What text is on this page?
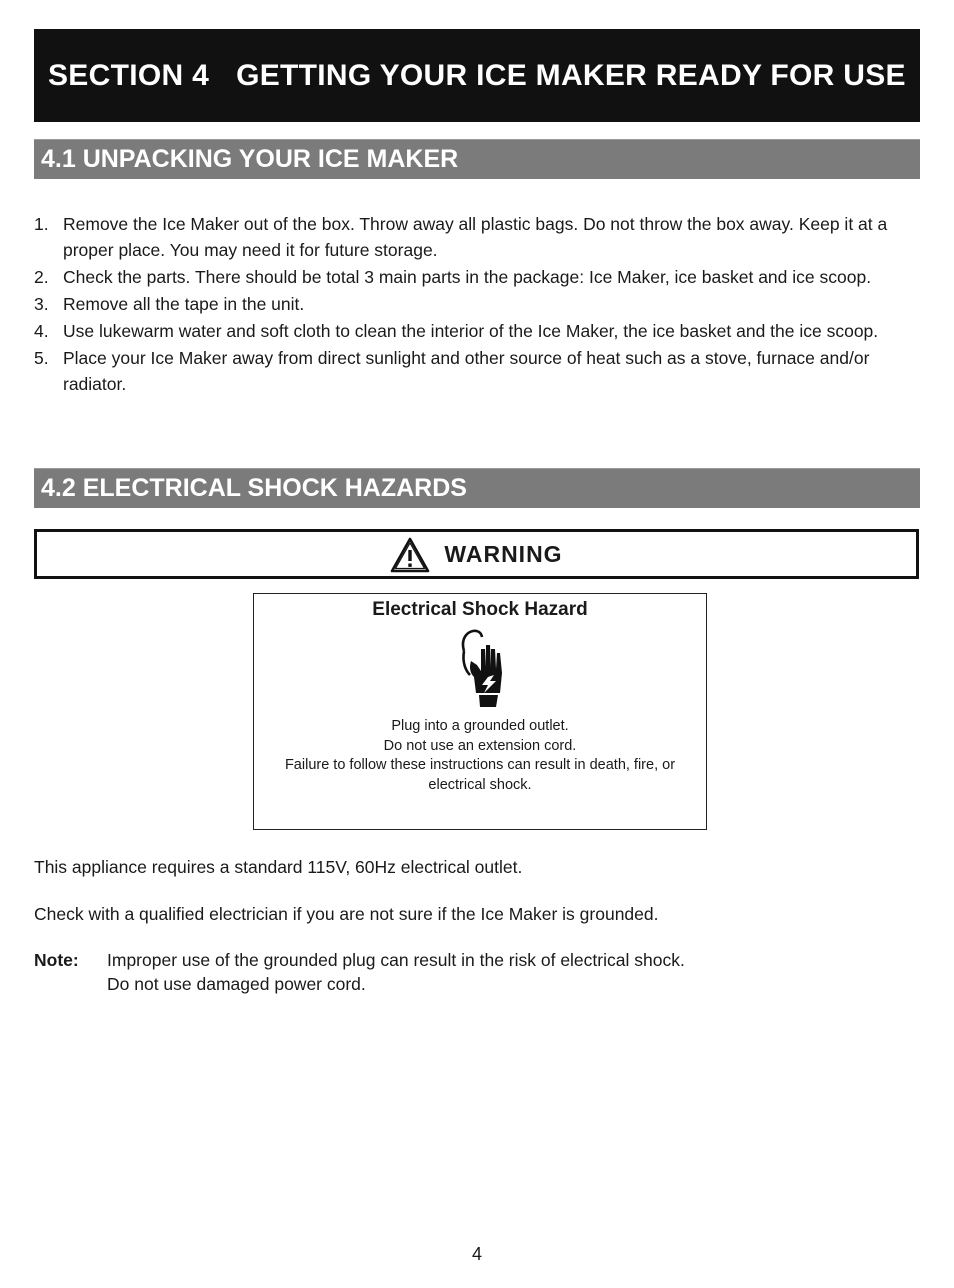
SECTION 4 GETTING YOUR ICE MAKER READY FOR USE
4.1 UNPACKING YOUR ICE MAKER
1. Remove the Ice Maker out of the box. Throw away all plastic bags. Do not throw the box away. Keep it at a proper place. You may need it for future storage.
2. Check the parts. There should be total 3 main parts in the package: Ice Maker, ice basket and ice scoop.
3. Remove all the tape in the unit.
4. Use lukewarm water and soft cloth to clean the interior of the Ice Maker, the ice basket and the ice scoop.
5. Place your Ice Maker away from direct sunlight and other source of heat such as a stove, furnace and/or radiator.
4.2 ELECTRICAL SHOCK HAZARDS
WARNING
Electrical Shock Hazard
Plug into a grounded outlet.
Do not use an extension cord.
Failure to follow these instructions can result in death, fire, or
electrical shock.
This appliance requires a standard 115V, 60Hz electrical outlet.
Check with a qualified electrician if you are not sure if the Ice Maker is grounded.
Note: Improper use of the grounded plug can result in the risk of electrical shock.
Do not use damaged power cord.
4
